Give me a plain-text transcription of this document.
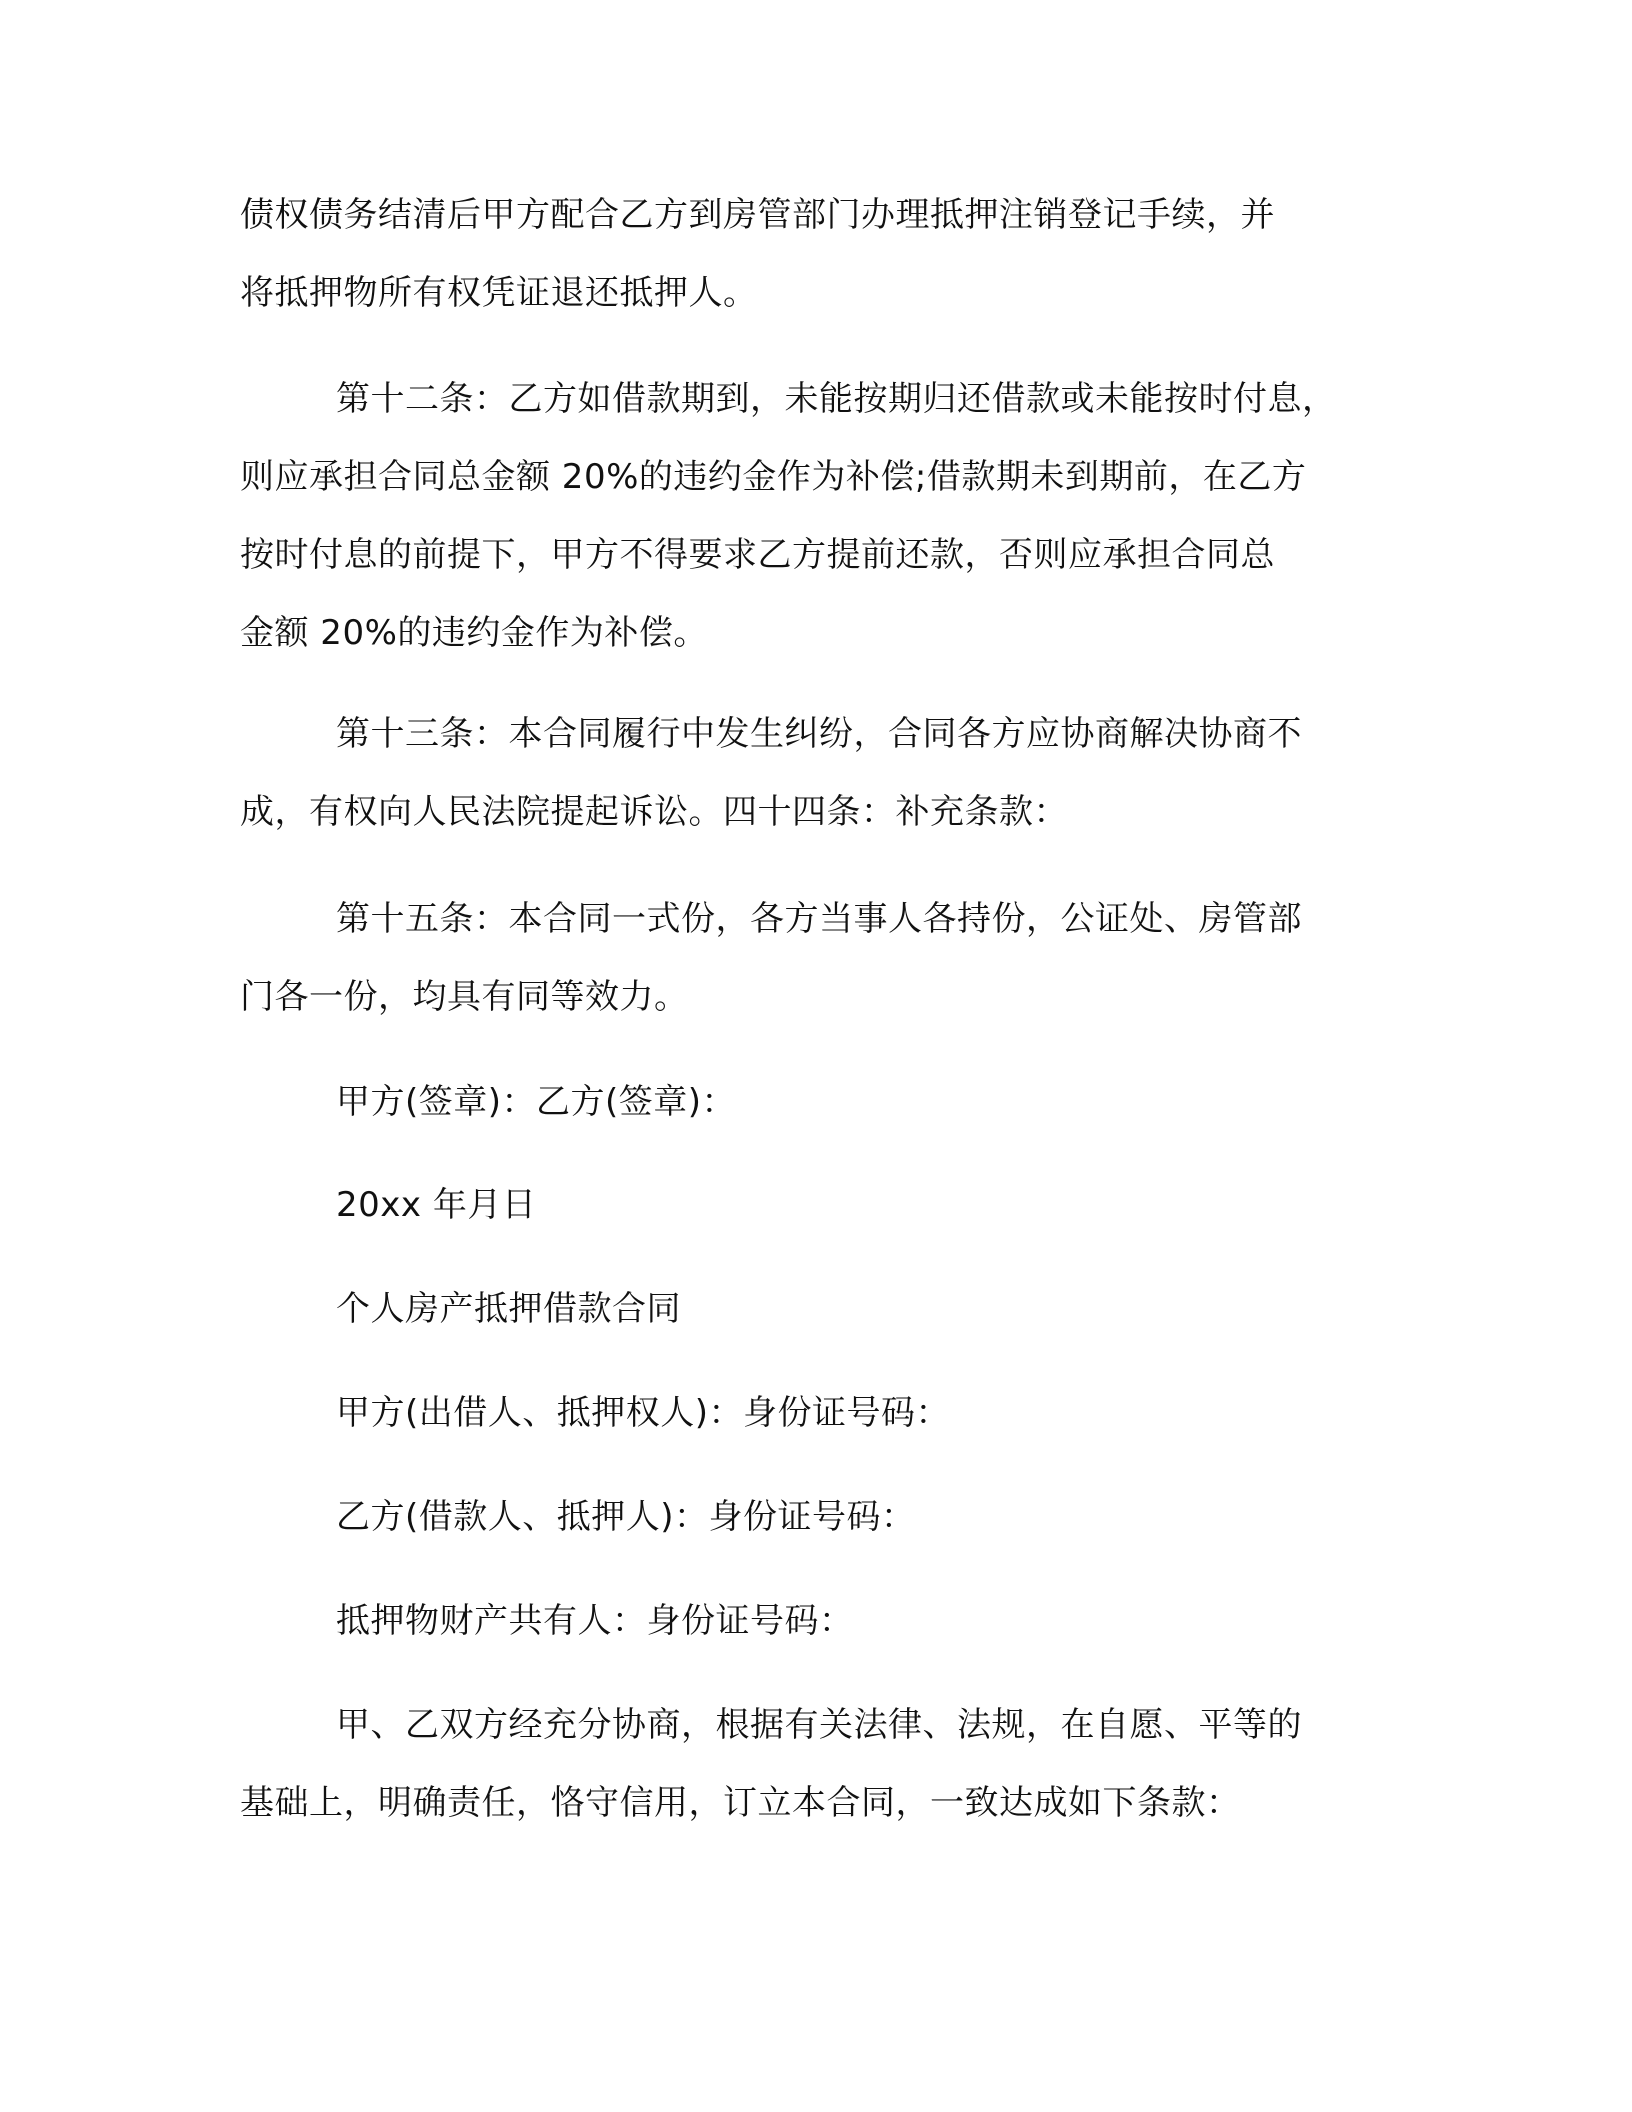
债权债务结清后甲方配合乙方到房管部门办理抵押注销登记手续，并
将抵押物所有权凭证退还抵押人。

第十二条：乙方如借款期到，未能按期归还借款或未能按时付息，
则应承担合同总金额 20%的违约金作为补偿;借款期未到期前，在乙方
按时付息的前提下，甲方不得要求乙方提前还款，否则应承担合同总
金额 20%的违约金作为补偿。

第十三条：本合同履行中发生纠纷，合同各方应协商解决协商不
成，有权向人民法院提起诉讼。四十四条：补充条款：

第十五条：本合同一式份，各方当事人各持份，公证处、房管部
门各一份，均具有同等效力。

甲方(签章)：乙方(签章)：

20xx 年月日

个人房产抵押借款合同

甲方(出借人、抵押权人)：身份证号码：

乙方(借款人、抵押人)：身份证号码：

抵押物财产共有人：身份证号码：

甲、乙双方经充分协商，根据有关法律、法规，在自愿、平等的
基础上，明确责任，恪守信用，订立本合同，一致达成如下条款：
